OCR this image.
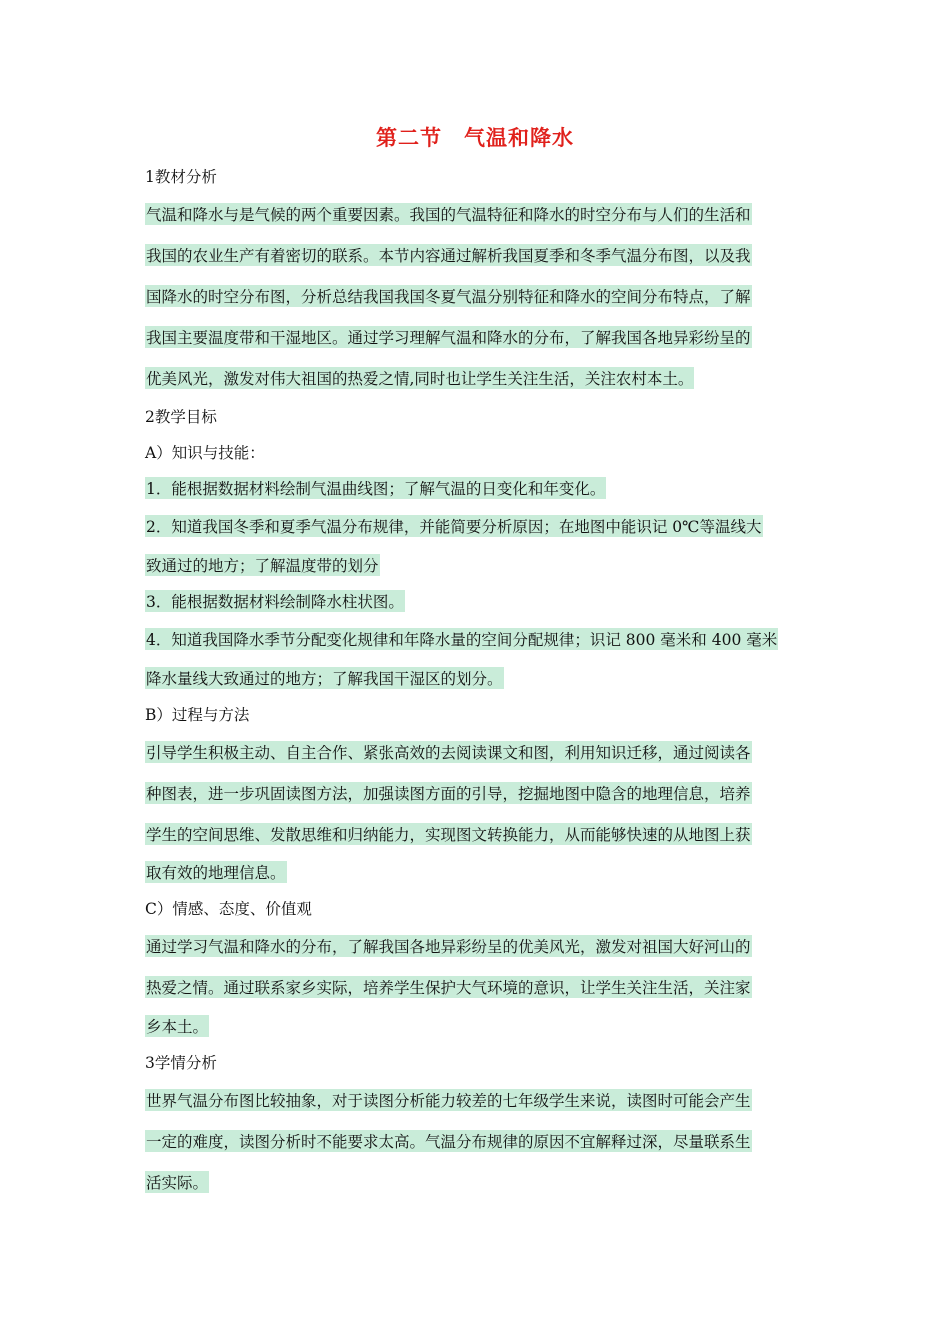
第二节　气温和降水
1教材分析
气温和降水与是气候的两个重要因素。我国的气温特征和降水的时空分布与人们的生活和
我国的农业生产有着密切的联系。本节内容通过解析我国夏季和冬季气温分布图，以及我
国降水的时空分布图，分析总结我国我国冬夏气温分别特征和降水的空间分布特点，了解
我国主要温度带和干湿地区。通过学习理解气温和降水的分布，了解我国各地异彩纷呈的
优美风光，激发对伟大祖国的热爱之情,同时也让学生关注生活，关注农村本土。
2教学目标
A）知识与技能：
1．能根据数据材料绘制气温曲线图；了解气温的日变化和年变化。
2．知道我国冬季和夏季气温分布规律，并能简要分析原因；在地图中能识记 0℃等温线大
致通过的地方；了解温度带的划分
3．能根据数据材料绘制降水柱状图。
4．知道我国降水季节分配变化规律和年降水量的空间分配规律；识记 800 毫米和 400 毫米
降水量线大致通过的地方；了解我国干湿区的划分。
B）过程与方法
引导学生积极主动、自主合作、紧张高效的去阅读课文和图，利用知识迁移，通过阅读各
种图表，进一步巩固读图方法，加强读图方面的引导，挖掘地图中隐含的地理信息，培养
学生的空间思维、发散思维和归纳能力，实现图文转换能力，从而能够快速的从地图上获
取有效的地理信息。
C）情感、态度、价值观
通过学习气温和降水的分布，了解我国各地异彩纷呈的优美风光，激发对祖国大好河山的
热爱之情。通过联系家乡实际，培养学生保护大气环境的意识，让学生关注生活，关注家
乡本土。
3学情分析
世界气温分布图比较抽象，对于读图分析能力较差的七年级学生来说，读图时可能会产生
一定的难度，读图分析时不能要求太高。气温分布规律的原因不宜解释过深，尽量联系生
活实际。
